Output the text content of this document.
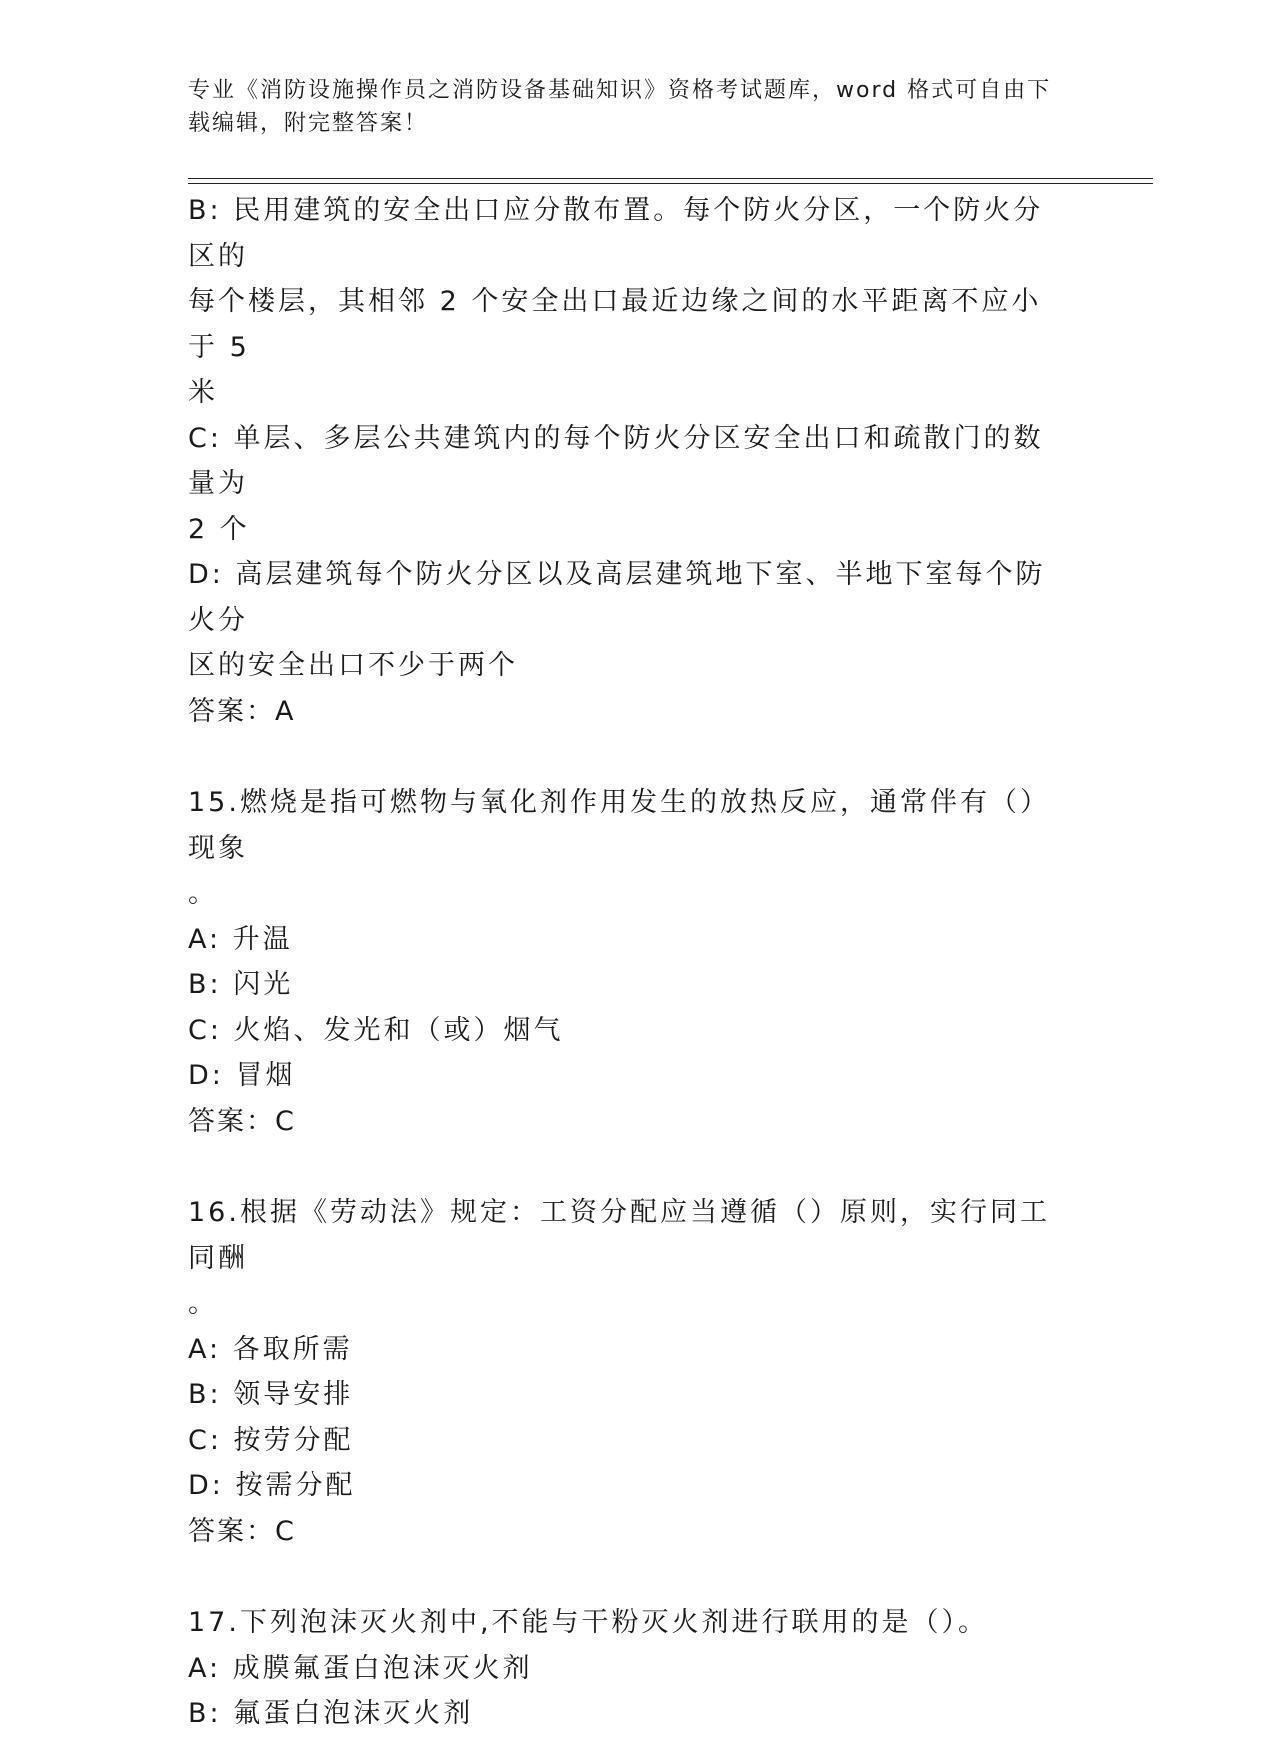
专业《消防设施操作员之消防设备基础知识》资格考试题库，word 格式可自由下
载编辑，附完整答案！
B: 民用建筑的安全出口应分散布置。每个防火分区，一个防火分区的
每个楼层，其相邻 2 个安全出口最近边缘之间的水平距离不应小于 5
米
C: 单层、多层公共建筑内的每个防火分区安全出口和疏散门的数量为
2 个
D: 高层建筑每个防火分区以及高层建筑地下室、半地下室每个防火分
区的安全出口不少于两个
答案：A
15.燃烧是指可燃物与氧化剂作用发生的放热反应，通常伴有（）现象
。
A: 升温
B: 闪光
C: 火焰、发光和（或）烟气
D: 冒烟
答案：C
16.根据《劳动法》规定：工资分配应当遵循（）原则，实行同工同酬
。
A: 各取所需
B: 领导安排
C: 按劳分配
D: 按需分配
答案：C
17.下列泡沫灭火剂中,不能与干粉灭火剂进行联用的是（）。
A: 成膜氟蛋白泡沫灭火剂
B: 氟蛋白泡沫灭火剂
